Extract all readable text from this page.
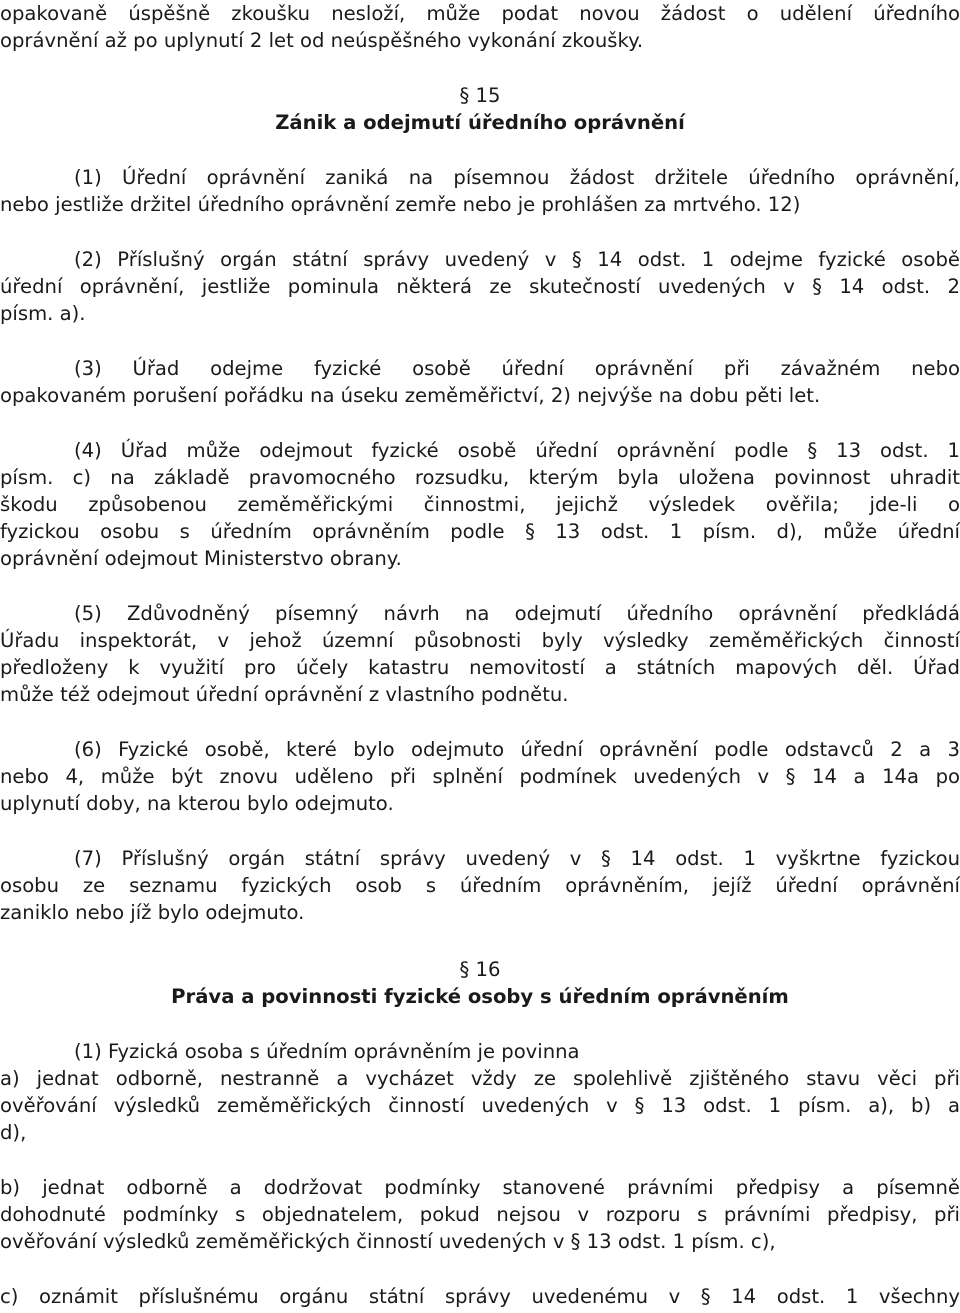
opakovaně úspěšně zkoušku nesloží, může podat novou žádost o udělení úředního

oprávnění až po uplynutí 2 let od neúspěšného vykonání zkoušky.

§ 15

Zánik a odejmutí úředního oprávnění

(1) Úřední oprávnění zaniká na písemnou žádost držitele úředního oprávnění,

nebo jestliže držitel úředního oprávnění zemře nebo je prohlášen za mrtvého. 12)

(2) Příslušný orgán státní správy uvedený v § 14 odst. 1 odejme fyzické osobě

úřední oprávnění, jestliže pominula některá ze skutečností uvedených v § 14 odst. 2

písm. a).

(3) Úřad odejme fyzické osobě úřední oprávnění při závažném nebo

opakovaném porušení pořádku na úseku zeměměřictví, 2) nejvýše na dobu pěti let.

(4) Úřad může odejmout fyzické osobě úřední oprávnění podle § 13 odst. 1

písm. c) na základě pravomocného rozsudku, kterým byla uložena povinnost uhradit

škodu způsobenou zeměměřickými činnostmi, jejichž výsledek ověřila; jde-li o

fyzickou osobu s úředním oprávněním podle § 13 odst. 1 písm. d), může úřední

oprávnění odejmout Ministerstvo obrany.

(5) Zdůvodněný písemný návrh na odejmutí úředního oprávnění předkládá

Úřadu inspektorát, v jehož územní působnosti byly výsledky zeměměřických činností

předloženy k využití pro účely katastru nemovitostí a státních mapových děl. Úřad

může též odejmout úřední oprávnění z vlastního podnětu.

(6) Fyzické osobě, které bylo odejmuto úřední oprávnění podle odstavců 2 a 3

nebo 4, může být znovu uděleno při splnění podmínek uvedených v § 14 a 14a po

uplynutí doby, na kterou bylo odejmuto.

(7) Příslušný orgán státní správy uvedený v § 14 odst. 1 vyškrtne fyzickou

osobu ze seznamu fyzických osob s úředním oprávněním, jejíž úřední oprávnění

zaniklo nebo jíž bylo odejmuto.

§ 16

Práva a povinnosti fyzické osoby s úředním oprávněním

(1) Fyzická osoba s úředním oprávněním je povinna

a) jednat odborně, nestranně a vycházet vždy ze spolehlivě zjištěného stavu věci při

ověřování výsledků zeměměřických činností uvedených v § 13 odst. 1 písm. a), b) a

d),

b) jednat odborně a dodržovat podmínky stanovené právními předpisy a písemně

dohodnuté podmínky s objednatelem, pokud nejsou v rozporu s právními předpisy, při

ověřování výsledků zeměměřických činností uvedených v § 13 odst. 1 písm. c),

c) oznámit příslušnému orgánu státní správy uvedenému v § 14 odst. 1 všechny
